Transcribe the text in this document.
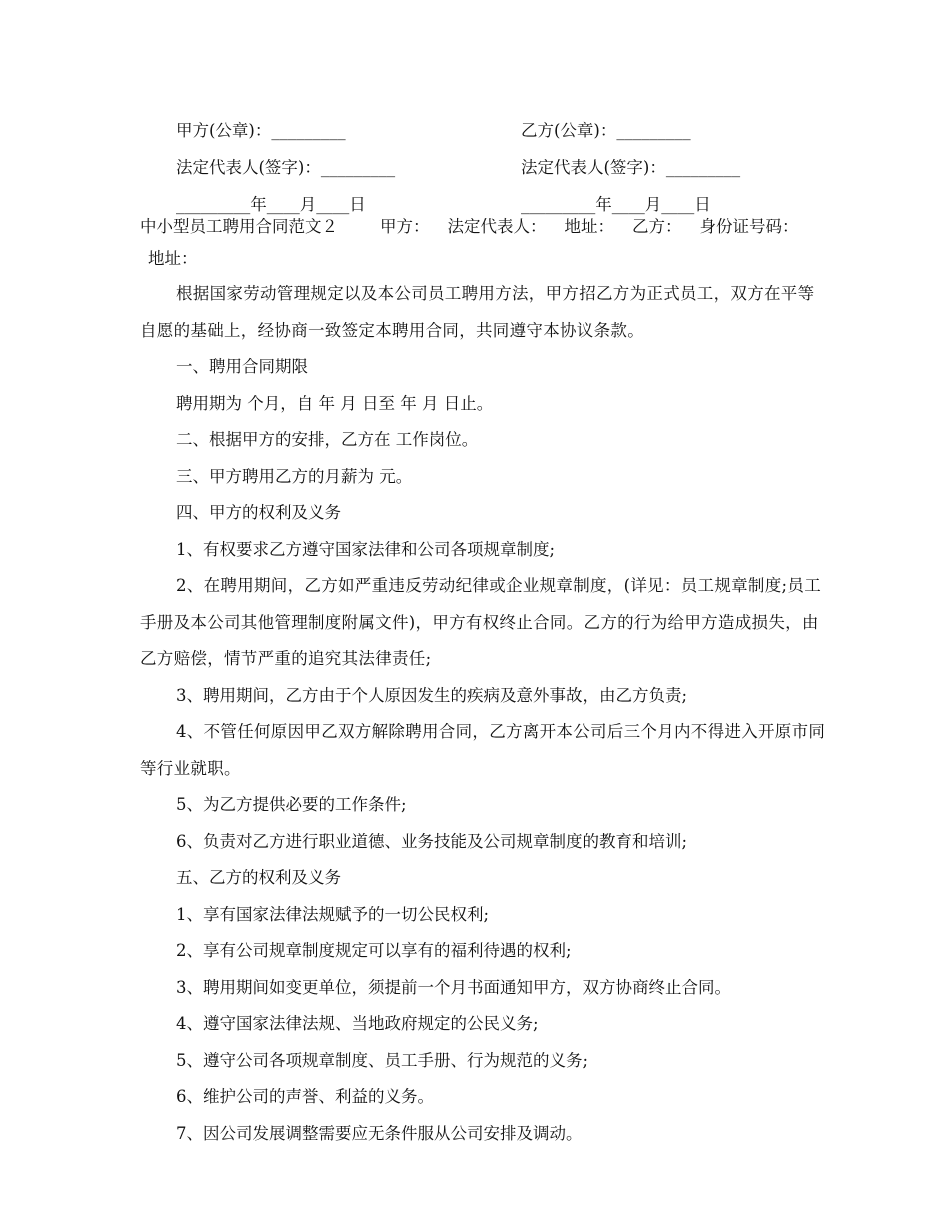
甲方(公章)：_________
法定代表人(签字)：_________
_________年____月____日
乙方(公章)：_________
法定代表人(签字)：_________
_________年____月____日
中小型员工聘用合同范文２	甲方： 法定代表人： 地址： 乙方： 身份证号码：
地址：

根据国家劳动管理规定以及本公司员工聘用方法，甲方招乙方为正式员工，双方在平等自愿的基础上，经协商一致签定本聘用合同，共同遵守本协议条款。

一、聘用合同期限

聘用期为 个月，自 年 月 日至 年 月 日止。

二、根据甲方的安排，乙方在 工作岗位。

三、甲方聘用乙方的月薪为 元。

四、甲方的权利及义务

1、有权要求乙方遵守国家法律和公司各项规章制度;

2、在聘用期间，乙方如严重违反劳动纪律或企业规章制度，(详见：员工规章制度;员工手册及本公司其他管理制度附属文件)，甲方有权终止合同。乙方的行为给甲方造成损失，由乙方赔偿，情节严重的追究其法律责任;

3、聘用期间，乙方由于个人原因发生的疾病及意外事故，由乙方负责;

4、不管任何原因甲乙双方解除聘用合同，乙方离开本公司后三个月内不得进入开原市同等行业就职。

5、为乙方提供必要的工作条件;

6、负责对乙方进行职业道德、业务技能及公司规章制度的教育和培训;

五、乙方的权利及义务

1、享有国家法律法规赋予的一切公民权利;

2、享有公司规章制度规定可以享有的福利待遇的权利;

3、聘用期间如变更单位，须提前一个月书面通知甲方，双方协商终止合同。

4、遵守国家法律法规、当地政府规定的公民义务;

5、遵守公司各项规章制度、员工手册、行为规范的义务;

6、维护公司的声誉、利益的义务。

7、因公司发展调整需要应无条件服从公司安排及调动。
